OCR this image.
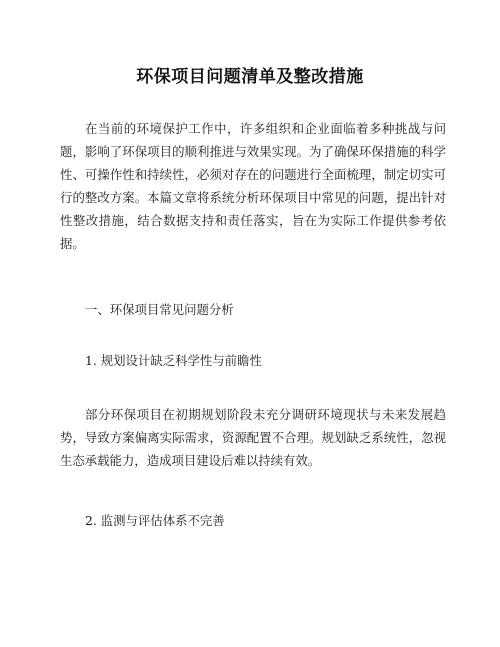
环保项目问题清单及整改措施

在当前的环境保护工作中，许多组织和企业面临着多种挑战与问题，影响了环保项目的顺利推进与效果实现。为了确保环保措施的科学性、可操作性和持续性，必须对存在的问题进行全面梳理，制定切实可行的整改方案。本篇文章将系统分析环保项目中常见的问题，提出针对性整改措施，结合数据支持和责任落实，旨在为实际工作提供参考依据。

一、环保项目常见问题分析
1. 规划设计缺乏科学性与前瞻性

部分环保项目在初期规划阶段未充分调研环境现状与未来发展趋势，导致方案偏离实际需求，资源配置不合理。规划缺乏系统性，忽视生态承载能力，造成项目建设后难以持续有效。

2. 监测与评估体系不完善
